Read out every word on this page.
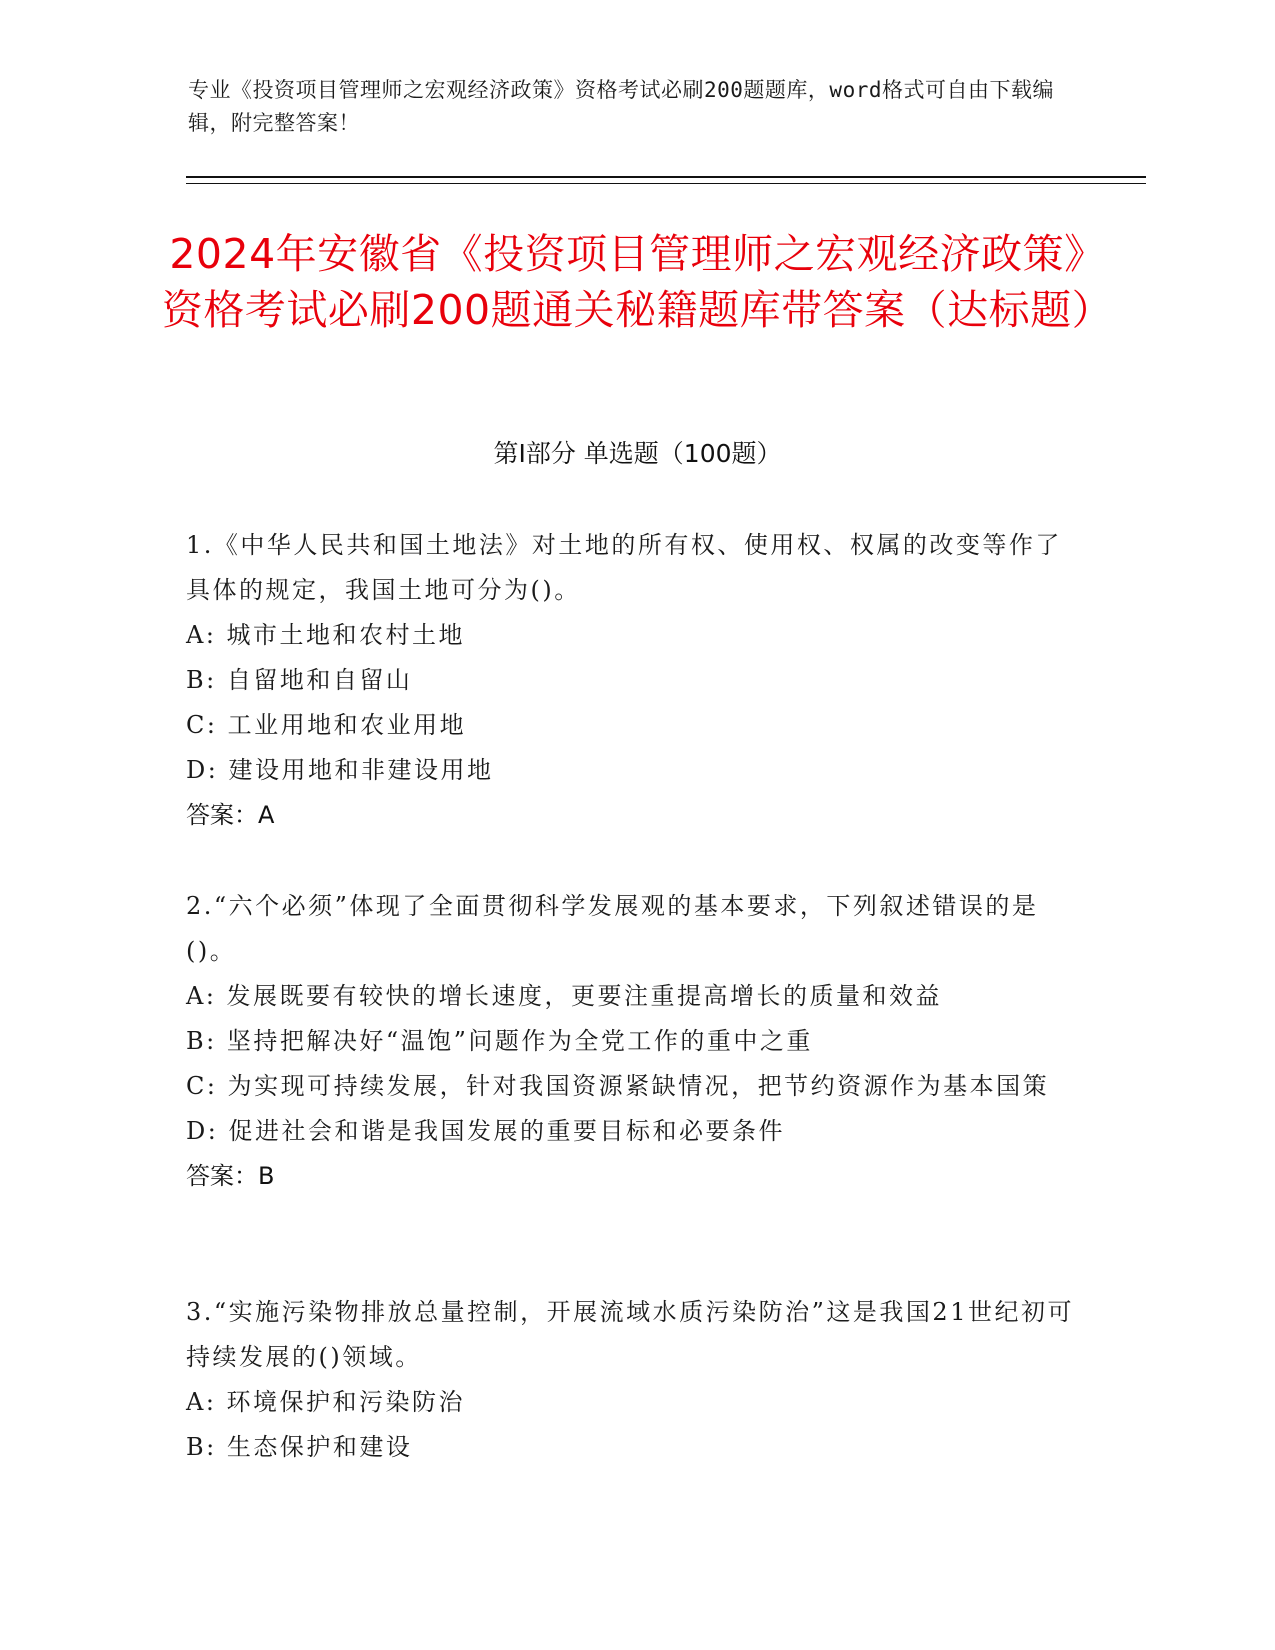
专业《投资项目管理师之宏观经济政策》资格考试必刷200题题库，word格式可自由下载编辑，附完整答案！
2024年安徽省《投资项目管理师之宏观经济政策》资格考试必刷200题通关秘籍题库带答案（达标题）
第I部分 单选题（100题）
1.《中华人民共和国土地法》对土地的所有权、使用权、权属的改变等作了具体的规定，我国土地可分为()。
A: 城市土地和农村土地
B: 自留地和自留山
C: 工业用地和农业用地
D: 建设用地和非建设用地
答案：A
2.“六个必须”体现了全面贯彻科学发展观的基本要求，下列叙述错误的是()。
A: 发展既要有较快的增长速度，更要注重提高增长的质量和效益
B: 坚持把解决好“温饱”问题作为全党工作的重中之重
C: 为实现可持续发展，针对我国资源紧缺情况，把节约资源作为基本国策
D: 促进社会和谐是我国发展的重要目标和必要条件
答案：B
3.“实施污染物排放总量控制，开展流域水质污染防治”这是我国21世纪初可持续发展的()领域。
A: 环境保护和污染防治
B: 生态保护和建设
